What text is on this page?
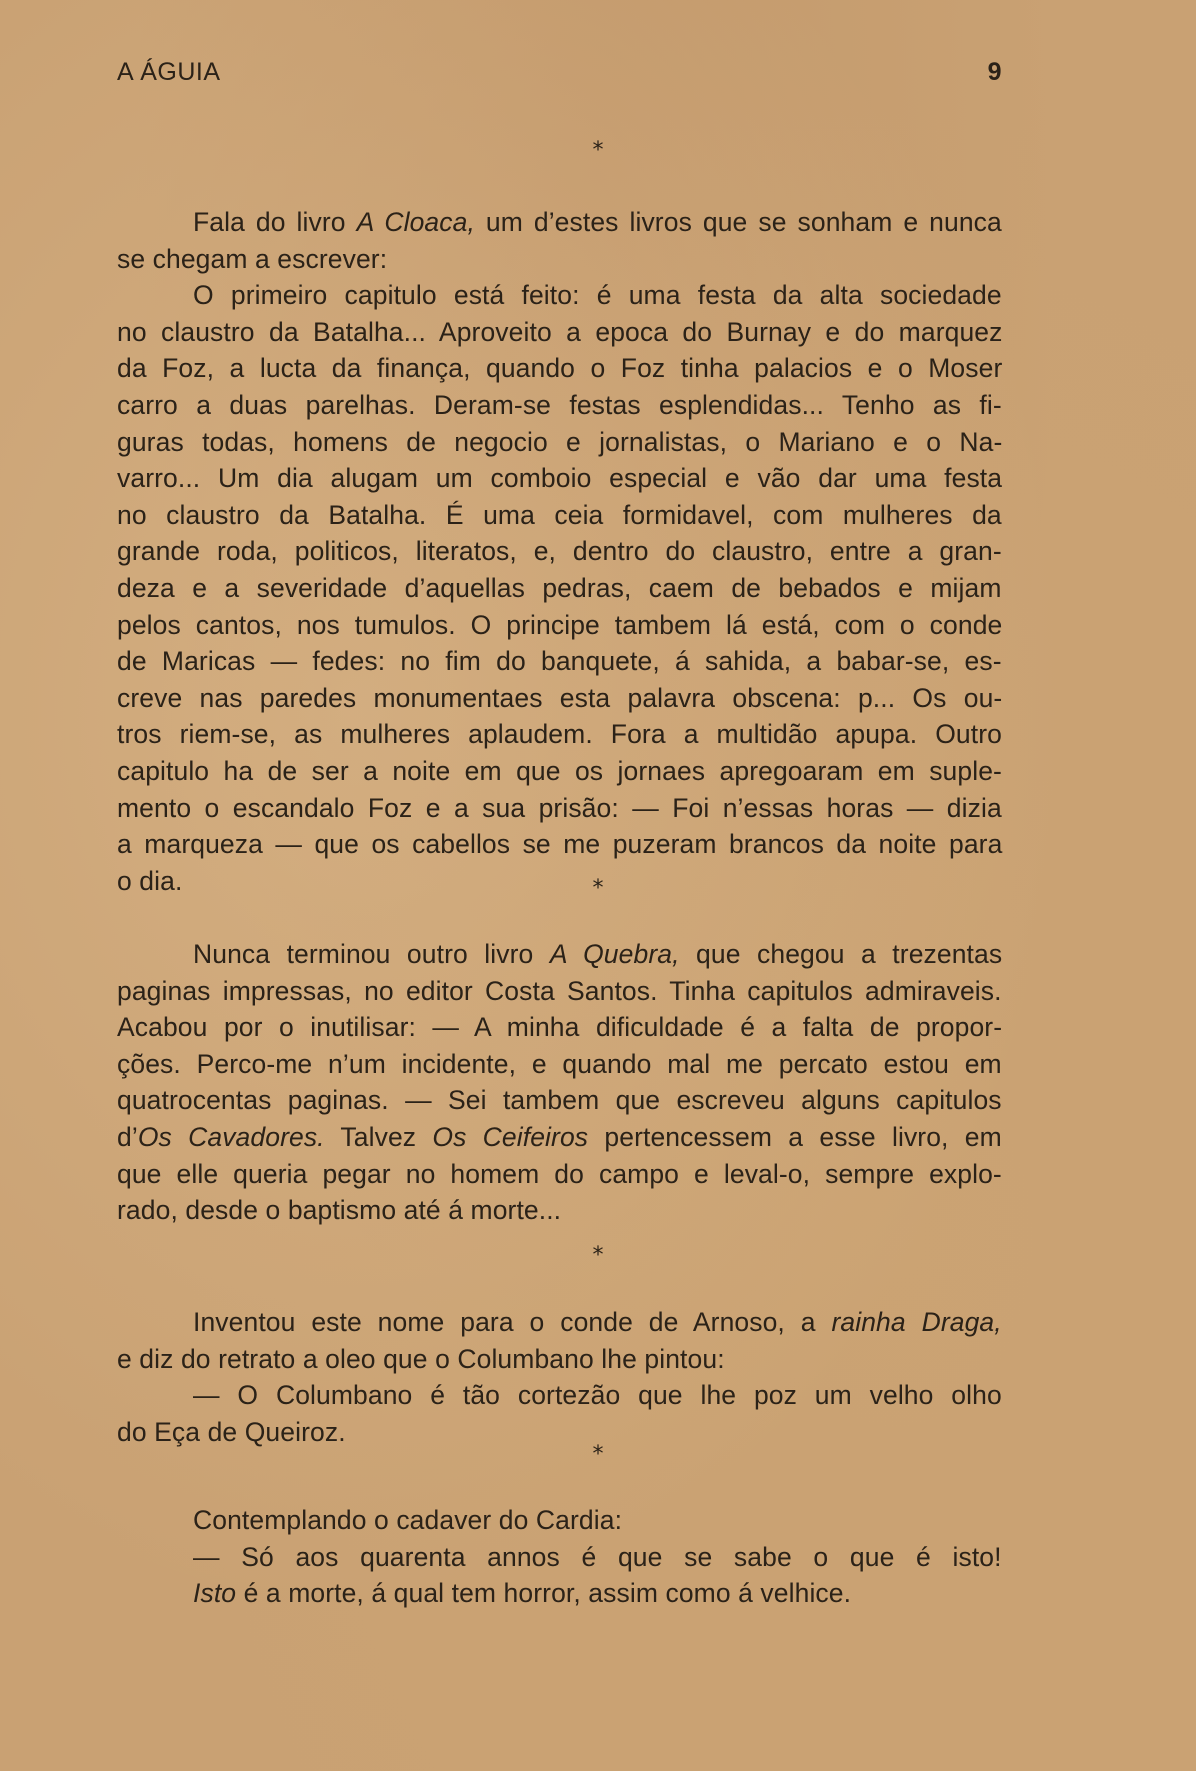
A ÁGUIA	9
*
Fala do livro A Cloaca, um d’estes livros que se sonham e nunca
se chegam a escrever:
O primeiro capitulo está feito: é uma festa da alta sociedade
no claustro da Batalha... Aproveito a epoca do Burnay e do marquez
da Foz, a lucta da finança, quando o Foz tinha palacios e o Moser
carro a duas parelhas. Deram-se festas esplendidas... Tenho as fi-
guras todas, homens de negocio e jornalistas, o Mariano e o Na-
varro... Um dia alugam um comboio especial e vão dar uma festa
no claustro da Batalha. É uma ceia formidavel, com mulheres da
grande roda, politicos, literatos, e, dentro do claustro, entre a gran-
deza e a severidade d’aquellas pedras, caem de bebados e mijam
pelos cantos, nos tumulos. O principe tambem lá está, com o conde
de Maricas — fedes: no fim do banquete, á sahida, a babar-se, es-
creve nas paredes monumentaes esta palavra obscena: p... Os ou-
tros riem-se, as mulheres aplaudem. Fora a multidão apupa. Outro
capitulo ha de ser a noite em que os jornaes apregoaram em suple-
mento o escandalo Foz e a sua prisão: — Foi n’essas horas — dizia
a marqueza — que os cabellos se me puzeram brancos da noite para
o dia.	*
Nunca terminou outro livro A Quebra, que chegou a trezentas
paginas impressas, no editor Costa Santos. Tinha capitulos admiraveis.
Acabou por o inutilisar: — A minha dificuldade é a falta de propor-
ções. Perco-me n’um incidente, e quando mal me percato estou em
quatrocentas paginas. — Sei tambem que escreveu alguns capitulos
d’Os Cavadores. Talvez Os Ceifeiros pertencessem a esse livro, em
que elle queria pegar no homem do campo e leval-o, sempre explo-
rado, desde o baptismo até á morte...
*
Inventou este nome para o conde de Arnoso, a rainha Draga,
e diz do retrato a oleo que o Columbano lhe pintou:
— O Columbano é tão cortezão que lhe poz um velho olho
do Eça de Queiroz.
*
Contemplando o cadaver do Cardia:
— Só aos quarenta annos é que se sabe o que é isto!
Isto é a morte, á qual tem horror, assim como á velhice.
